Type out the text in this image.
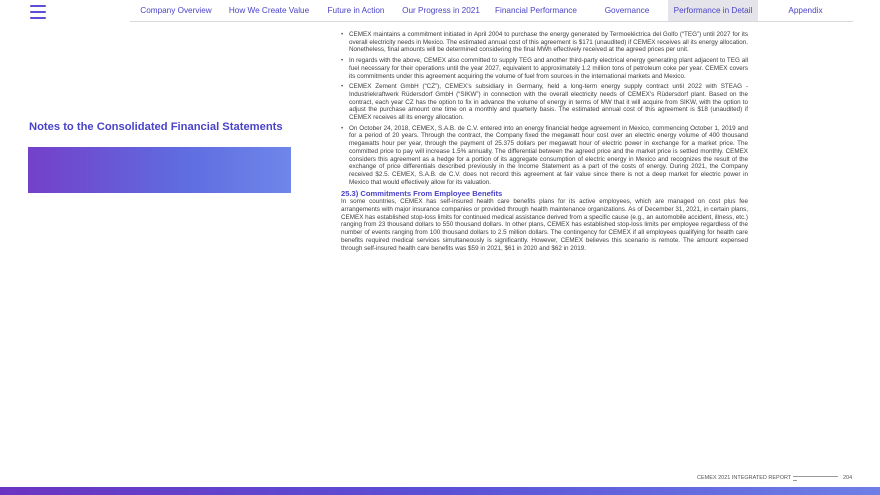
Company Overview	How We Create Value	Future in Action	Our Progress in 2021	Financial Performance	Governance	Performance in Detail	Appendix
Notes to the Consolidated Financial Statements
• CEMEX maintains a commitment initiated in April 2004 to purchase the energy generated by Termoeléctrica del Golfo (“TEG”) until 2027 for its overall electricity needs in Mexico. The estimated annual cost of this agreement is $171 (unaudited) if CEMEX receives all its energy allocation. Nonetheless, final amounts will be determined considering the final MWh effectively received at the agreed prices per unit.
• In regards with the above, CEMEX also committed to supply TEG and another third-party electrical energy generating plant adjacent to TEG all fuel necessary for their operations until the year 2027, equivalent to approximately 1.2 million tons of petroleum coke per year. CEMEX covers its commitments under this agreement acquiring the volume of fuel from sources in the international markets and Mexico.
• CEMEX Zement GmbH (“CZ”), CEMEX’s subsidiary in Germany, held a long-term energy supply contract until 2022 with STEAG - Industriekraftwerk Rüdersdorf GmbH (“SIKW”) in connection with the overall electricity needs of CEMEX’s Rüdersdorf plant. Based on the contract, each year CZ has the option to fix in advance the volume of energy in terms of MW that it will acquire from SIKW, with the option to adjust the purchase amount one time on a monthly and quarterly basis. The estimated annual cost of this agreement is $18 (unaudited) if CEMEX receives all its energy allocation.
• On October 24, 2018, CEMEX, S.A.B. de C.V. entered into an energy financial hedge agreement in Mexico, commencing October 1, 2019 and for a period of 20 years. Through the contract, the Company fixed the megawatt hour cost over an electric energy volume of 400 thousand megawatts hour per year, through the payment of 25.375 dollars per megawatt hour of electric power in exchange for a market price. The committed price to pay will increase 1.5% annually. The differential between the agreed price and the market price is settled monthly. CEMEX considers this agreement as a hedge for a portion of its aggregate consumption of electric energy in Mexico and recognizes the result of the exchange of price differentials described previously in the Income Statement as a part of the costs of energy. During 2021, the Company received $2.5. CEMEX, S.A.B. de C.V. does not record this agreement at fair value since there is not a deep market for electric power in Mexico that would effectively allow for its valuation.
25.3) Commitments From Employee Benefits
In some countries, CEMEX has self-insured health care benefits plans for its active employees, which are managed on cost plus fee arrangements with major insurance companies or provided through health maintenance organizations. As of December 31, 2021, in certain plans, CEMEX has established stop-loss limits for continued medical assistance derived from a specific cause (e.g., an automobile accident, illness, etc.) ranging from 23 thousand dollars to 550 thousand dollars. In other plans, CEMEX has established stop-loss limits per employee regardless of the number of events ranging from 100 thousand dollars to 2.5 million dollars. The contingency for CEMEX if all employees qualifying for health care benefits required medical services simultaneously is significantly. However, CEMEX believes this scenario is remote. The amount expensed through self-insured health care benefits was $59 in 2021, $61 in 2020 and $62 in 2019.
CEMEX 2021 INTEGRATED REPORT	204
